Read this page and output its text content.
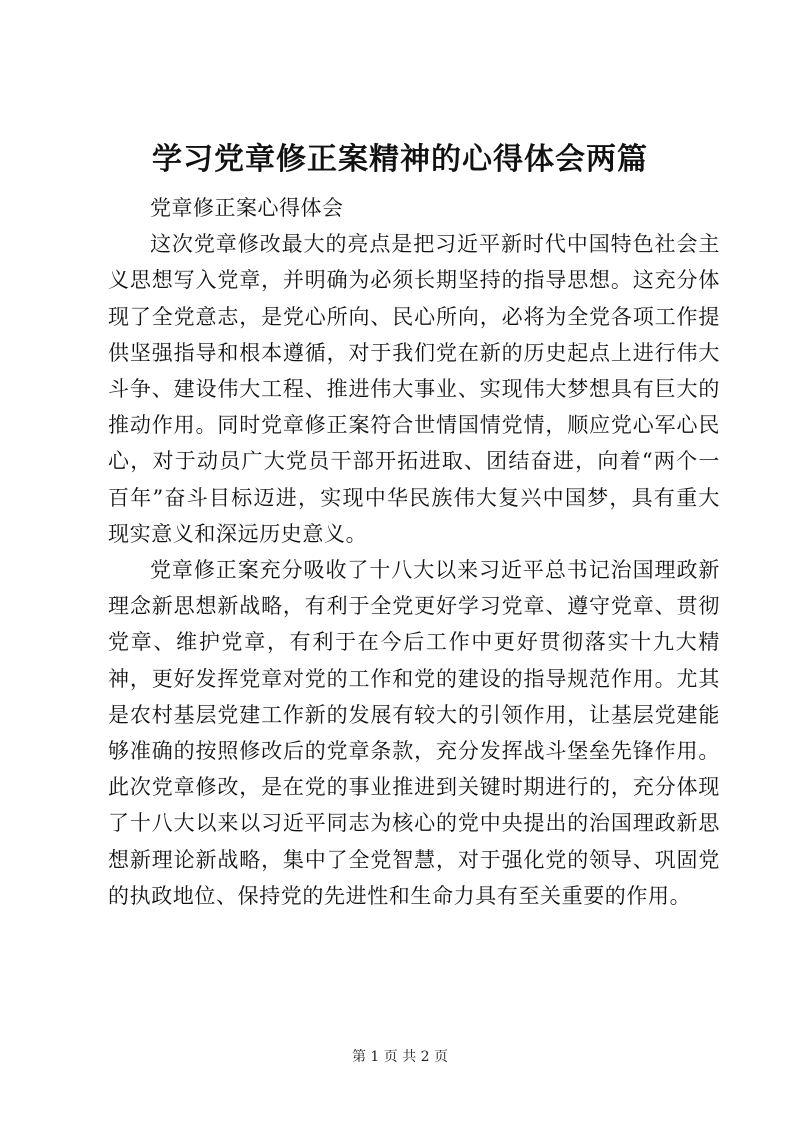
学习党章修正案精神的心得体会两篇

党章修正案心得体会

这次党章修改最大的亮点是把习近平新时代中国特色社会主义思想写入党章，并明确为必须长期坚持的指导思想。这充分体现了全党意志，是党心所向、民心所向，必将为全党各项工作提供坚强指导和根本遵循，对于我们党在新的历史起点上进行伟大斗争、建设伟大工程、推进伟大事业、实现伟大梦想具有巨大的推动作用。同时党章修正案符合世情国情党情，顺应党心军心民心，对于动员广大党员干部开拓进取、团结奋进，向着“两个一百年”奋斗目标迈进，实现中华民族伟大复兴中国梦，具有重大现实意义和深远历史意义。

党章修正案充分吸收了十八大以来习近平总书记治国理政新理念新思想新战略，有利于全党更好学习党章、遵守党章、贯彻党章、维护党章，有利于在今后工作中更好贯彻落实十九大精神，更好发挥党章对党的工作和党的建设的指导规范作用。尤其是农村基层党建工作新的发展有较大的引领作用，让基层党建能够准确的按照修改后的党章条款，充分发挥战斗堡垒先锋作用。此次党章修改，是在党的事业推进到关键时期进行的，充分体现了十八大以来以习近平同志为核心的党中央提出的治国理政新思想新理论新战略，集中了全党智慧，对于强化党的领导、巩固党的执政地位、保持党的先进性和生命力具有至关重要的作用。

第 1 页 共 2 页
